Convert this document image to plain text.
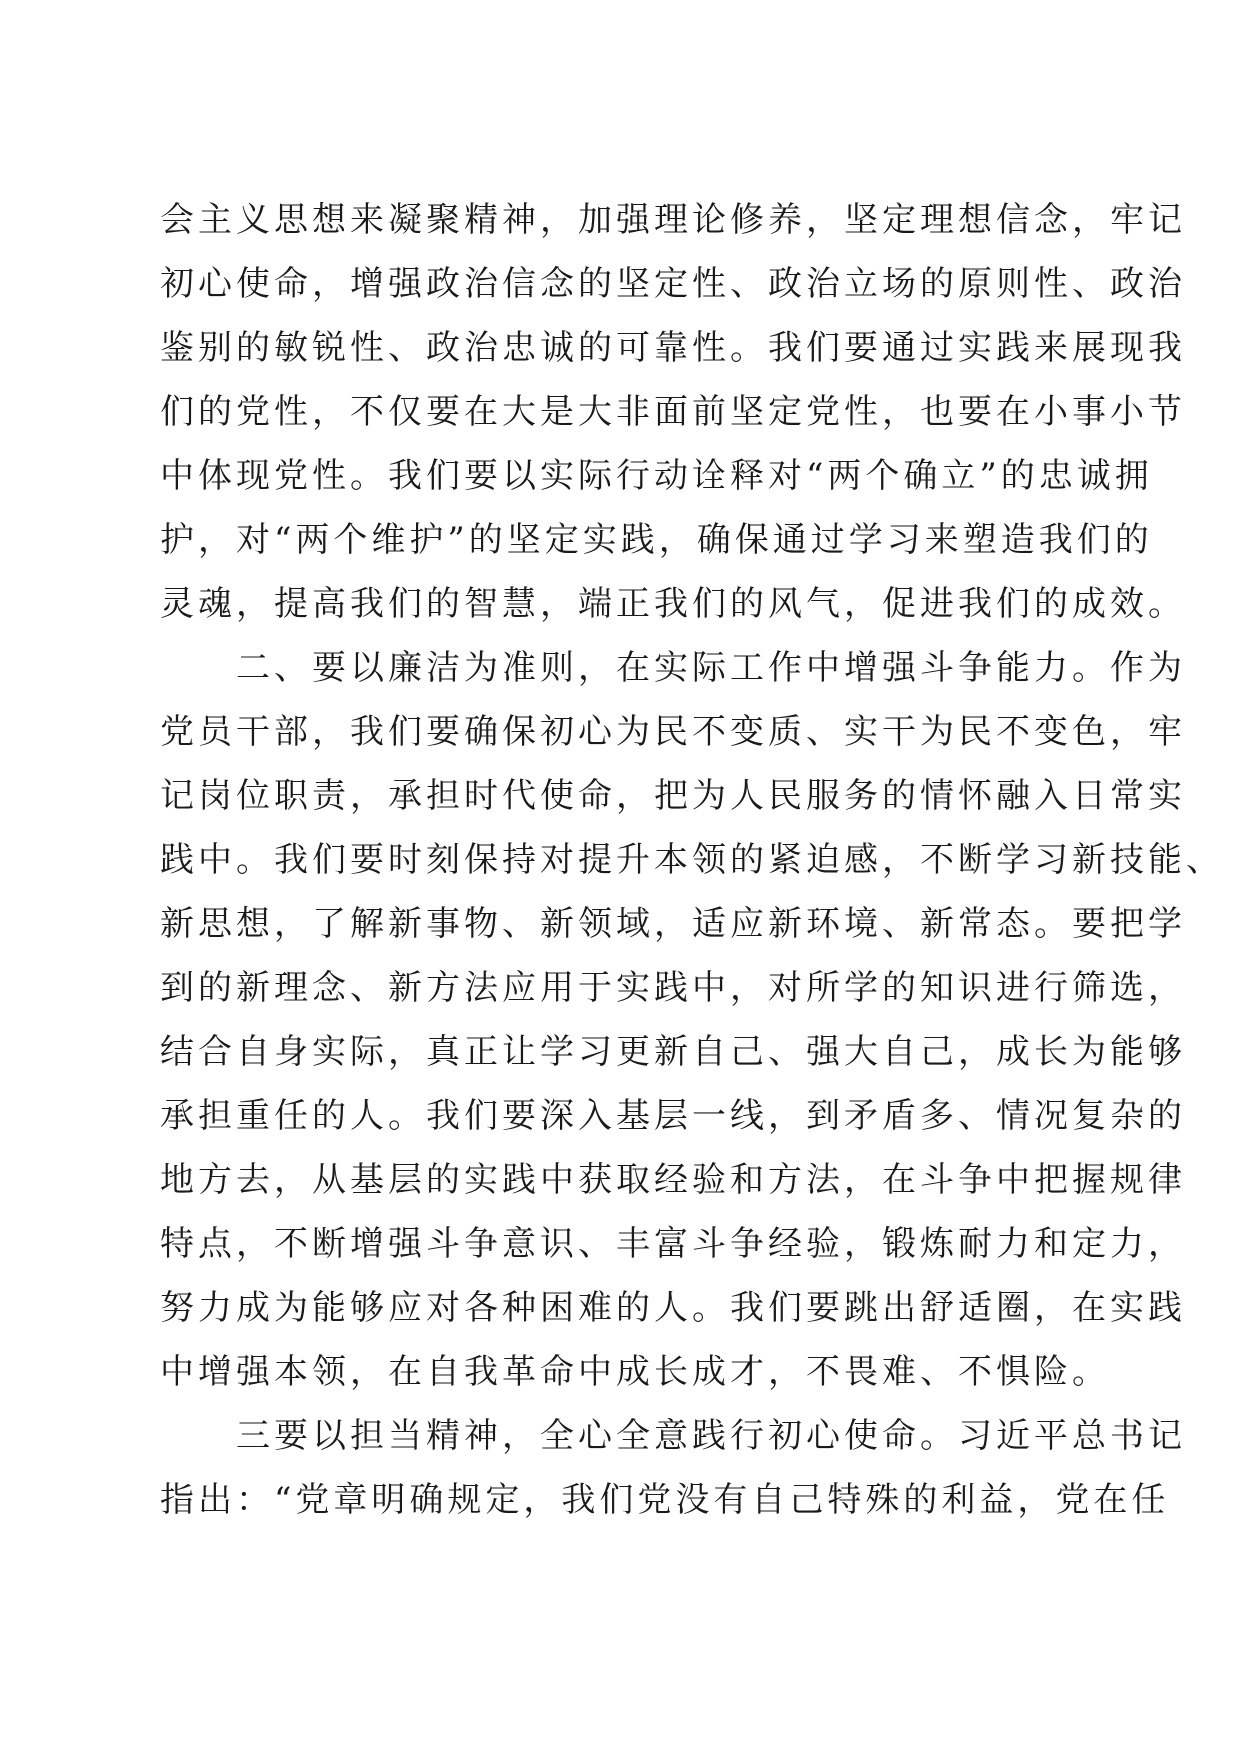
会主义思想来凝聚精神，加强理论修养，坚定理想信念，牢记
初心使命，增强政治信念的坚定性、政治立场的原则性、政治
鉴别的敏锐性、政治忠诚的可靠性。我们要通过实践来展现我
们的党性，不仅要在大是大非面前坚定党性，也要在小事小节
中体现党性。我们要以实际行动诠释对“两个确立”的忠诚拥
护，对“两个维护”的坚定实践，确保通过学习来塑造我们的
灵魂，提高我们的智慧，端正我们的风气，促进我们的成效。
二、要以廉洁为准则，在实际工作中增强斗争能力。作为
党员干部，我们要确保初心为民不变质、实干为民不变色，牢
记岗位职责，承担时代使命，把为人民服务的情怀融入日常实
践中。我们要时刻保持对提升本领的紧迫感，不断学习新技能、
新思想，了解新事物、新领域，适应新环境、新常态。要把学
到的新理念、新方法应用于实践中，对所学的知识进行筛选，
结合自身实际，真正让学习更新自己、强大自己，成长为能够
承担重任的人。我们要深入基层一线，到矛盾多、情况复杂的
地方去，从基层的实践中获取经验和方法，在斗争中把握规律
特点，不断增强斗争意识、丰富斗争经验，锻炼耐力和定力，
努力成为能够应对各种困难的人。我们要跳出舒适圈，在实践
中增强本领，在自我革命中成长成才，不畏难、不惧险。
三要以担当精神，全心全意践行初心使命。习近平总书记
指出：“党章明确规定，我们党没有自己特殊的利益，党在任
